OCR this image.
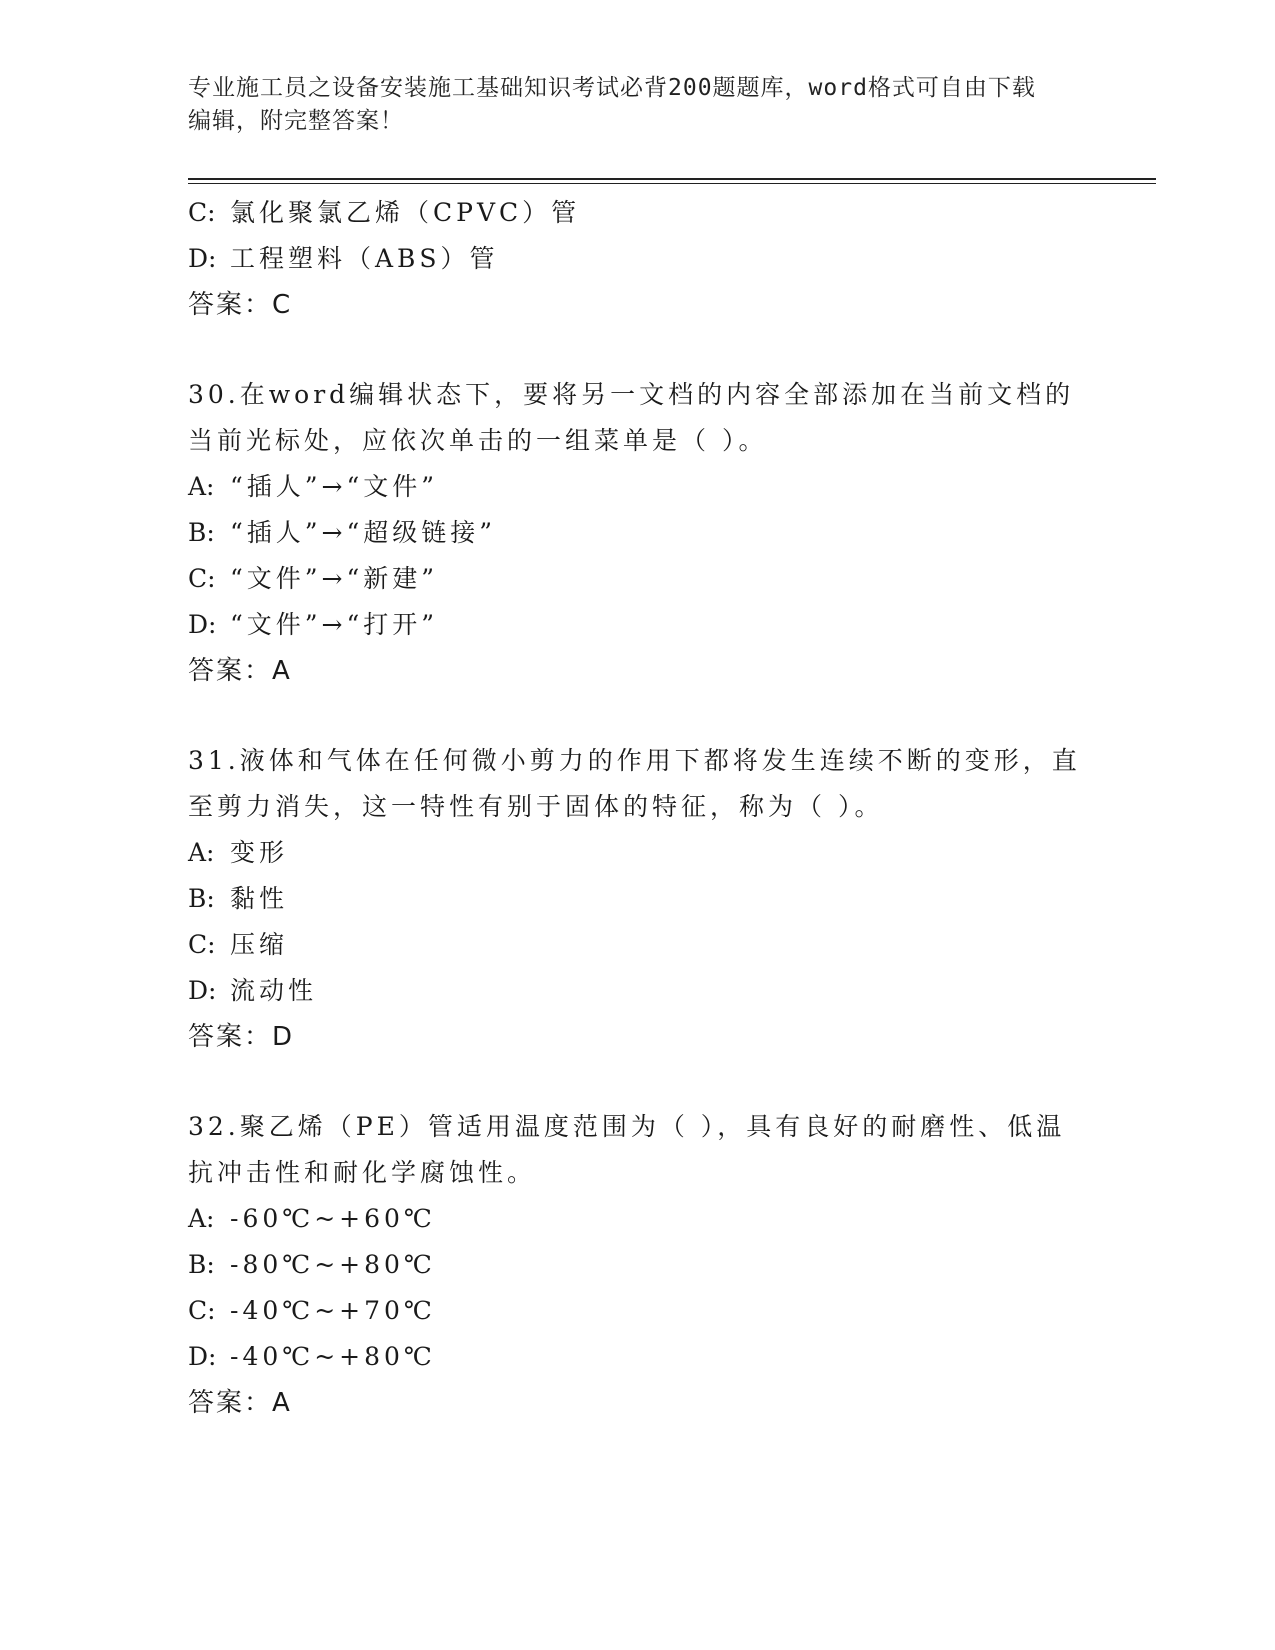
专业施工员之设备安装施工基础知识考试必背200题题库，word格式可自由下载
编辑，附完整答案！
C: 氯化聚氯乙烯（CPVC）管
D: 工程塑料（ABS）管
答案：C
30.在word编辑状态下，要将另一文档的内容全部添加在当前文档的
当前光标处，应依次单击的一组菜单是（ ）。
A: “插人”→“文件”
B: “插人”→“超级链接”
C: “文件”→“新建”
D: “文件”→“打开”
答案：A
31.液体和气体在任何微小剪力的作用下都将发生连续不断的变形，直
至剪力消失，这一特性有别于固体的特征，称为（ ）。
A: 变形
B: 黏性
C: 压缩
D: 流动性
答案：D
32.聚乙烯（PE）管适用温度范围为（ ），具有良好的耐磨性、低温
抗冲击性和耐化学腐蚀性。
A: -60℃~+60℃
B: -80℃~+80℃
C: -40℃~+70℃
D: -40℃~+80℃
答案：A
